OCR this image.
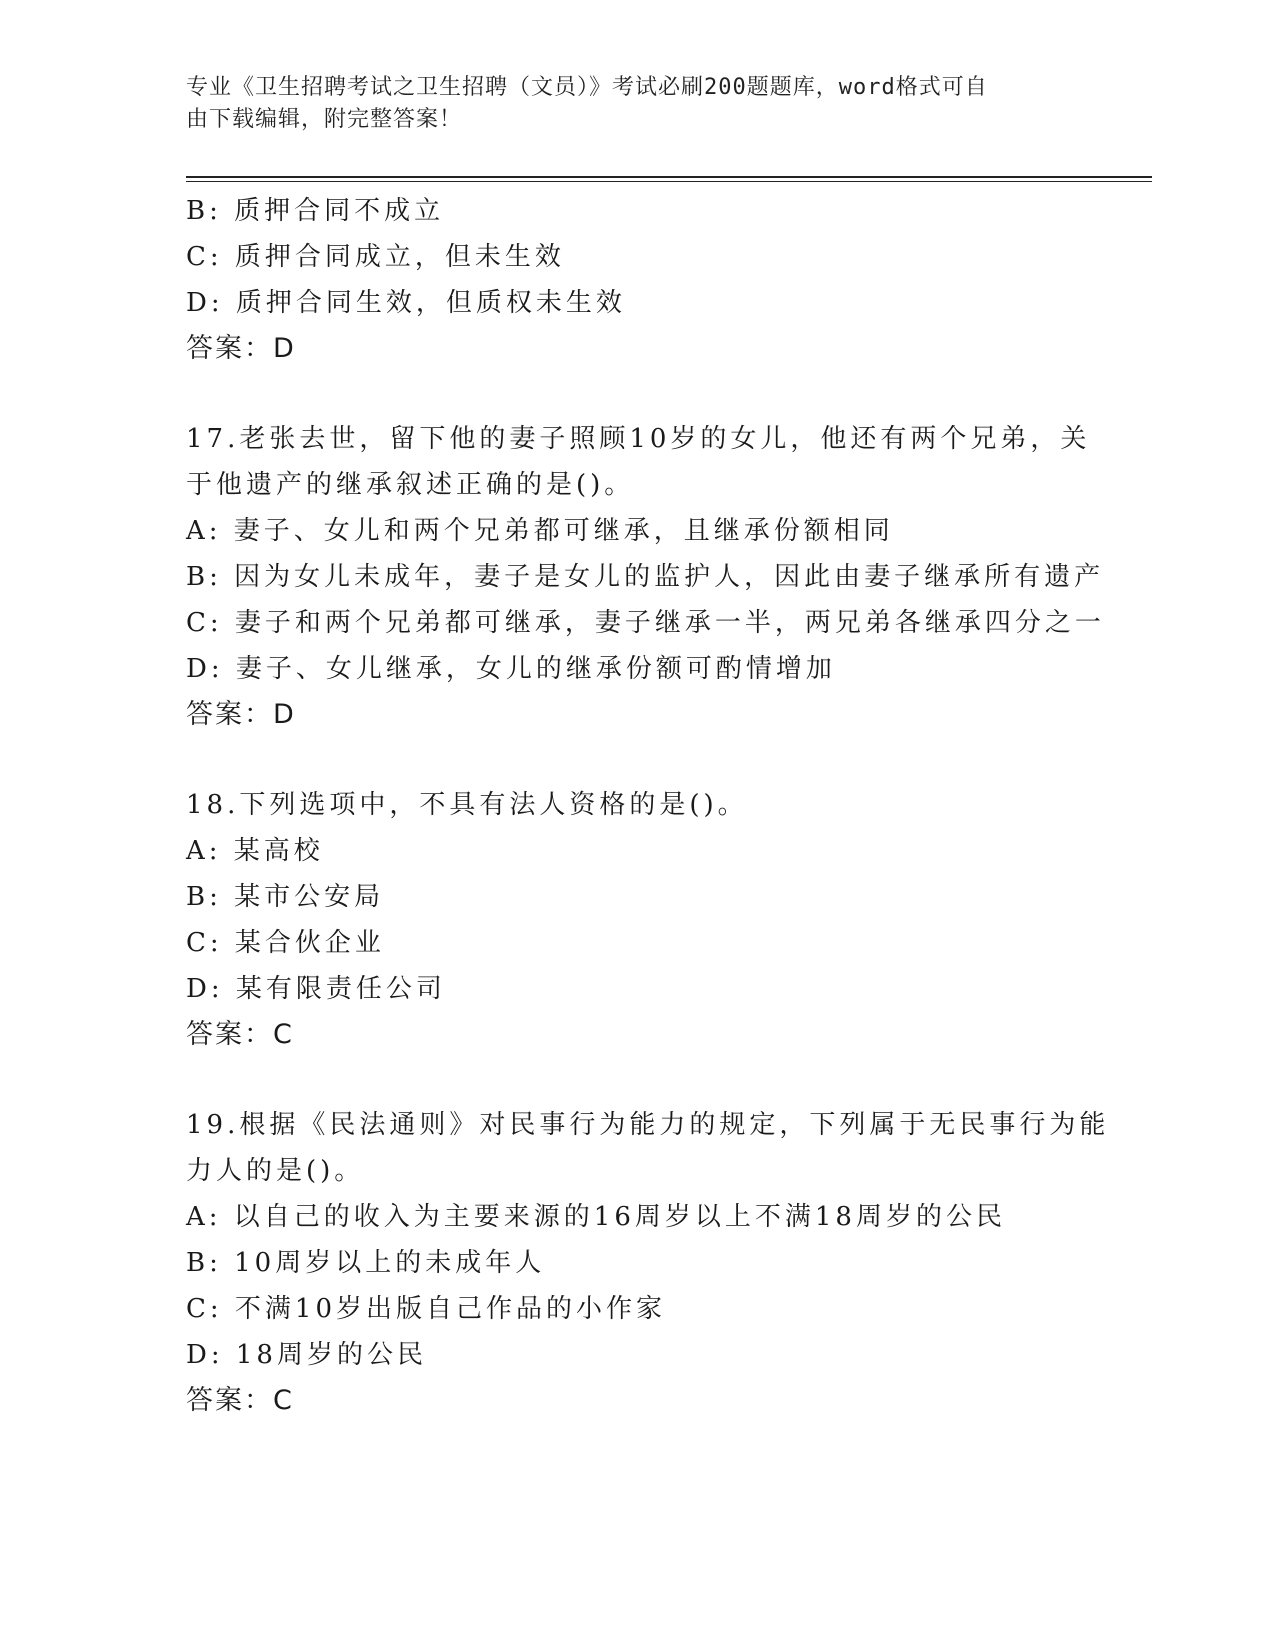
专业《卫生招聘考试之卫生招聘（文员）》考试必刷200题题库，word格式可自
由下载编辑，附完整答案！
B: 质押合同不成立
C: 质押合同成立，但未生效
D: 质押合同生效，但质权未生效
答案：D
17.老张去世，留下他的妻子照顾10岁的女儿，他还有两个兄弟，关
于他遗产的继承叙述正确的是()。
A: 妻子、女儿和两个兄弟都可继承，且继承份额相同
B: 因为女儿未成年，妻子是女儿的监护人，因此由妻子继承所有遗产
C: 妻子和两个兄弟都可继承，妻子继承一半，两兄弟各继承四分之一
D: 妻子、女儿继承，女儿的继承份额可酌情增加
答案：D
18.下列选项中，不具有法人资格的是()。
A: 某高校
B: 某市公安局
C: 某合伙企业
D: 某有限责任公司
答案：C
19.根据《民法通则》对民事行为能力的规定，下列属于无民事行为能
力人的是()。
A: 以自己的收入为主要来源的16周岁以上不满18周岁的公民
B: 10周岁以上的未成年人
C: 不满10岁出版自己作品的小作家
D: 18周岁的公民
答案：C
